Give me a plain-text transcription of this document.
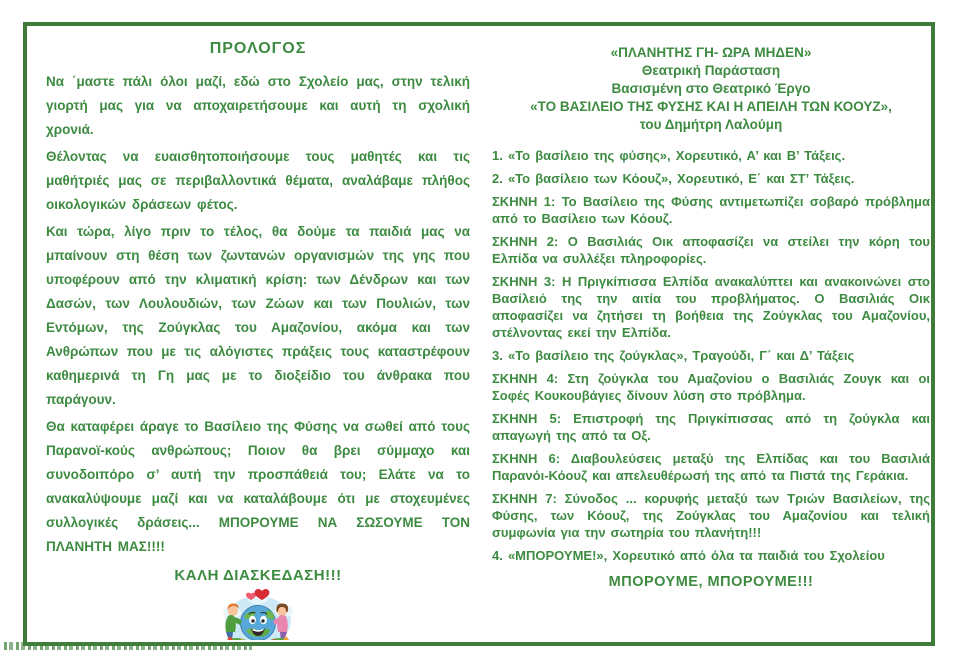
ΠΡΟΛΟΓΟΣ

Να ΄μαστε πάλι όλοι μαζί, εδώ στο Σχολείο μας, στην τελική γιορτή μας για να αποχαιρετήσουμε και αυτή τη σχολική χρονιά.

Θέλοντας να ευαισθητοποιήσουμε τους μαθητές και τις μαθήτριές μας σε περιβαλλοντικά θέματα, αναλάβαμε πλήθος οικολογικών δράσεων φέτος.

Και τώρα, λίγο πριν το τέλος, θα δούμε τα παιδιά μας να μπαίνουν στη θέση των ζωντανών οργανισμών της γης που υποφέρουν από την κλιματική κρίση: των Δένδρων και των Δασών, των Λουλουδιών, των Ζώων και των Πουλιών, των Εντόμων, της Ζούγκλας του Αμαζονίου, ακόμα και των Ανθρώπων που με τις αλόγιστες πράξεις τους καταστρέφουν καθημερινά τη Γη μας με το διοξείδιο του άνθρακα που παράγουν.

Θα καταφέρει άραγε το Βασίλειο της Φύσης να σωθεί από τους Παρανοϊ-κούς ανθρώπους; Ποιον θα βρει σύμμαχο και συνοδοιπόρο σ’ αυτή την προσπάθειά του; Ελάτε να το ανακαλύψουμε μαζί και να καταλάβουμε ότι με στοχευμένες συλλογικές δράσεις... ΜΠΟΡΟΥΜΕ ΝΑ ΣΩΣΟΥΜΕ ΤΟΝ ΠΛΑΝΗΤΗ ΜΑΣ!!!!

ΚΑΛΗ ΔΙΑΣΚΕΔΑΣΗ!!!
«ΠΛΑΝΗΤΗΣ ΓΗ- ΩΡΑ ΜΗΔΕΝ»
Θεατρική Παράσταση
Βασισμένη στο Θεατρικό Έργο
«ΤΟ ΒΑΣΙΛΕΙΟ ΤΗΣ ΦΥΣΗΣ ΚΑΙ Η ΑΠΕΙΛΗ ΤΩΝ ΚΟΟΥΖ»,
του Δημήτρη Λαλούμη

1. «Το βασίλειο της φύσης», Χορευτικό, Α’ και Β’ Τάξεις.

2. «Το βασίλειο των Κόουζ», Χορευτικό, Ε΄ και ΣΤ’ Τάξεις.

ΣΚΗΝΗ 1: Το Βασίλειο της Φύσης αντιμετωπίζει σοβαρό πρόβλημα από το Βασίλειο των Κόουζ.

ΣΚΗΝΗ 2: Ο Βασιλιάς Οικ αποφασίζει να στείλει την κόρη του Ελπίδα να συλλέξει πληροφορίες.

ΣΚΗΝΗ 3: Η Πριγκίπισσα Ελπίδα ανακαλύπτει και ανακοινώνει στο Βασίλειό της την αιτία του προβλήματος. Ο Βασιλιάς Οικ αποφασίζει να ζητήσει τη βοήθεια της Ζούγκλας του Αμαζονίου, στέλνοντας εκεί την Ελπίδα.

3. «Το βασίλειο της ζούγκλας», Τραγούδι, Γ΄ και Δ’ Τάξεις

ΣΚΗΝΗ 4: Στη ζούγκλα του Αμαζονίου ο Βασιλιάς Ζουγκ και οι Σοφές Κουκουβάγιες δίνουν λύση στο πρόβλημα.

ΣΚΗΝΗ 5: Επιστροφή της Πριγκίπισσας από τη ζούγκλα και απαγωγή της από τα Οξ.

ΣΚΗΝΗ 6: Διαβουλεύσεις μεταξύ της Ελπίδας και του Βασιλιά Παρανόι-Κόουζ και απελευθέρωσή της από τα Πιστά της Γεράκια.

ΣΚΗΝΗ 7: Σύνοδος ... κορυφής μεταξύ των Τριών Βασιλείων, της Φύσης, των Κόουζ, της Ζούγκλας του Αμαζονίου και τελική συμφωνία για την σωτηρία του πλανήτη!!!

4. «ΜΠΟΡΟΥΜΕ!», Χορευτικό από όλα τα παιδιά του Σχολείου

ΜΠΟΡΟΥΜΕ, ΜΠΟΡΟΥΜΕ!!!
